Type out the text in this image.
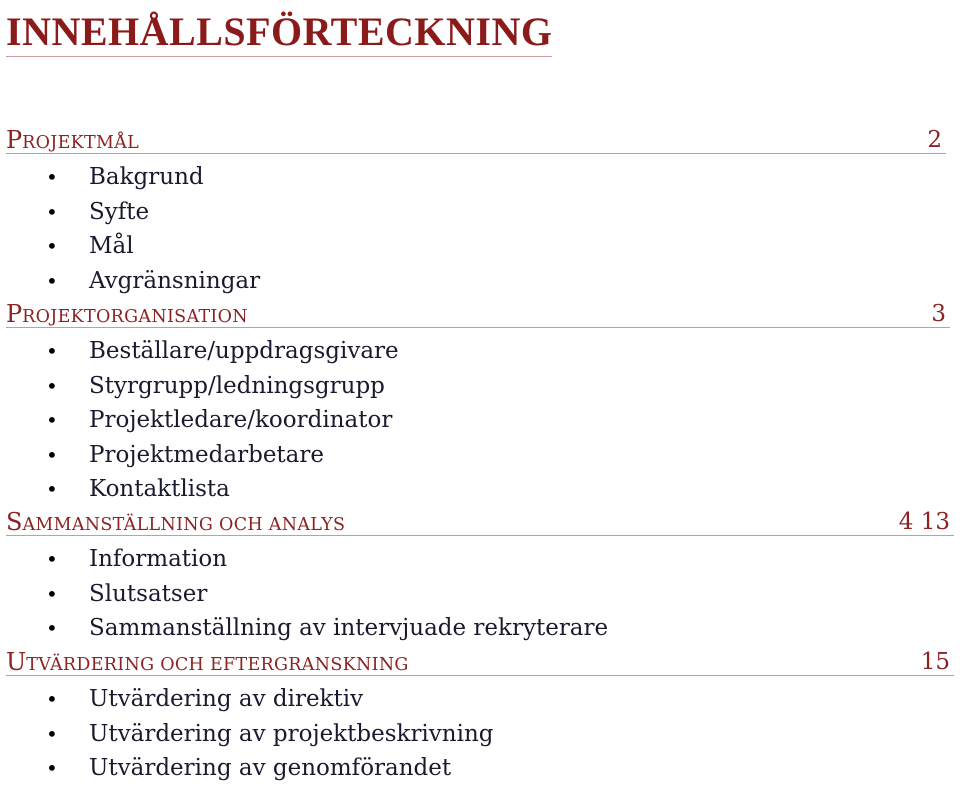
INNEHÅLLSFÖRTECKNING
PROJEKTMÅL	2
• Bakgrund
• Syfte
• Mål
• Avgränsningar
PROJEKTORGANISATION	3
• Beställare/uppdragsgivare
• Styrgrupp/ledningsgrupp
• Projektledare/koordinator
• Projektmedarbetare
• Kontaktlista
SAMMANSTÄLLNING OCH ANALYS	4 13
• Information
• Slutsatser
• Sammanställning av intervjuade rekryterare
UTVÄRDERING OCH EFTERGRANSKNING	15
• Utvärdering av direktiv
• Utvärdering av projektbeskrivning
• Utvärdering av genomförandet
